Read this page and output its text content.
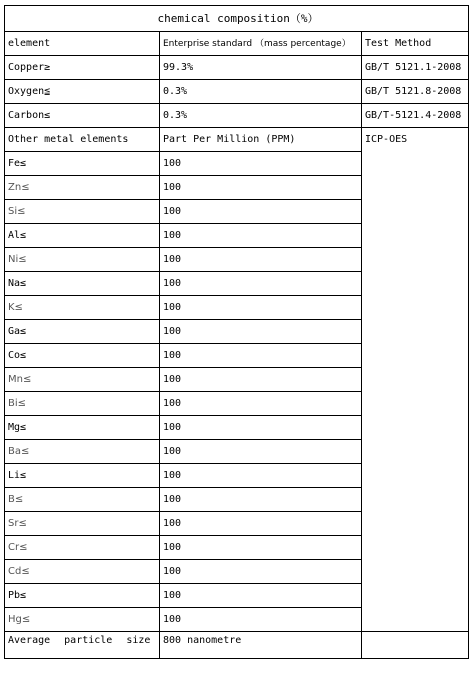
chemical composition（%）		
element	Enterprise standard （mass percentage）	Test Method
Copper≥	99.3%	GB/T 5121.1-2008
Oxygen≦	0.3%	GB/T 5121.8-2008
Carbon≤	0.3%	GB/T-5121.4-2008
Other metal elements	Part Per Million (PPM)	ICP-OES
Fe≤	100	
Zn≤	100	
Si≤	100	
Al≤	100	
Ni≤	100	
Na≤	100	
K≤	100	
Ga≤	100	
Co≤	100	
Mn≤	100	
Bi≤	100	
Mg≤	100	
Ba≤	100	
Li≤	100	
B≤	100	
Sr≤	100	
Cr≤	100	
Cd≤	100	
Pb≤	100	
Hg≤	100	
Average particle size	800 nanometre	
